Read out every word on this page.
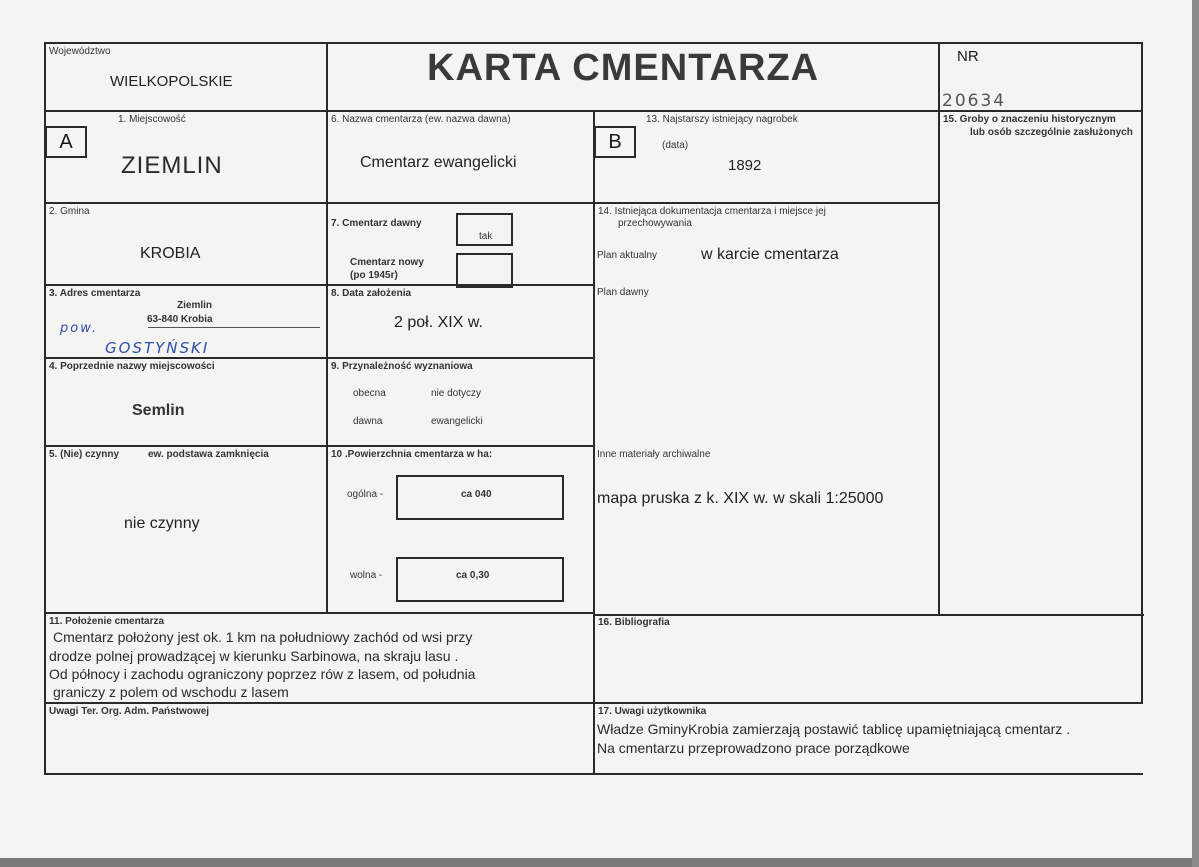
Województwo
WIELKOPOLSKIE	KARTA CMENTARZA	NR
20634
A
1. Miejscowość
ZIEMLIN
2. Gmina
KROBIA
3. Adres cmentarza
Ziemlin
63-840 Krobia
pow.
GOSTYŃSKI
4. Poprzednie nazwy miejscowości
Semlin
5. (Nie) czynny	ew. podstawa zamknięcia
nie czynny
6. Nazwa cmentarza (ew. nazwa dawna)
Cmentarz ewangelicki
7. Cmentarz dawny
tak
Cmentarz nowy
(po 1945r)
8. Data założenia
2 poł. XIX w.
9. Przynależność wyznaniowa
obecna	nie dotyczy
dawna	ewangelicki
10 .Powierzchnia cmentarza w ha:
ogólna -	ca 040
wolna -	ca 0,30
11. Położenie cmentarza
Cmentarz położony jest ok. 1 km na południowy zachód od wsi przy
drodze polnej prowadzącej w kierunku Sarbinowa, na skraju lasu .
Od północy i zachodu ograniczony poprzez rów z lasem, od południa
graniczy z polem od wschodu z lasem
Uwagi Ter. Org. Adm. Państwowej
B
13. Najstarszy istniejący nagrobek
(data)
1892
14. Istniejąca dokumentacja cmentarza i miejsce jej
przechowywania
Plan aktualny	w karcie cmentarza
Plan dawny
Inne materiały archiwalne
mapa pruska z k. XIX w. w skali 1:25000
15. Groby o znaczeniu historycznym
lub osób szczególnie zasłużonych
16. Bibliografia
17. Uwagi użytkownika
Władze GminyKrobia zamierzają postawić tablicę upamiętniającą cmentarz .
Na cmentarzu przeprowadzono prace porządkowe
